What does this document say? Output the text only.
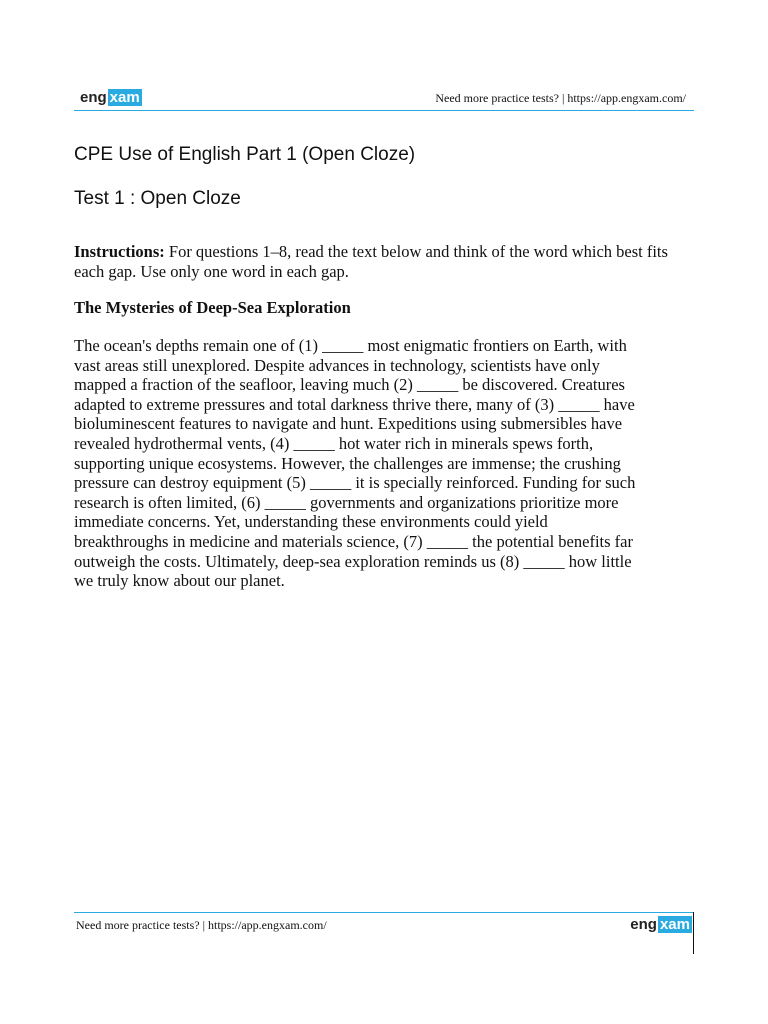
eng xam	Need more practice tests? | https://app.engxam.com/
CPE Use of English Part 1 (Open Cloze)
Test 1 : Open Cloze

Instructions: For questions 1–8, read the text below and think of the word which best fits each gap. Use only one word in each gap.

The Mysteries of Deep-Sea Exploration
The ocean's depths remain one of (1) _____ most enigmatic frontiers on Earth, with
vast areas still unexplored. Despite advances in technology, scientists have only
mapped a fraction of the seafloor, leaving much (2) _____ be discovered. Creatures
adapted to extreme pressures and total darkness thrive there, many of (3) _____ have
bioluminescent features to navigate and hunt. Expeditions using submersibles have
revealed hydrothermal vents, (4) _____ hot water rich in minerals spews forth,
supporting unique ecosystems. However, the challenges are immense; the crushing
pressure can destroy equipment (5) _____ it is specially reinforced. Funding for such
research is often limited, (6) _____ governments and organizations prioritize more
immediate concerns. Yet, understanding these environments could yield
breakthroughs in medicine and materials science, (7) _____ the potential benefits far
outweigh the costs. Ultimately, deep-sea exploration reminds us (8) _____ how little
we truly know about our planet.
Need more practice tests? | https://app.engxam.com/	eng xam
